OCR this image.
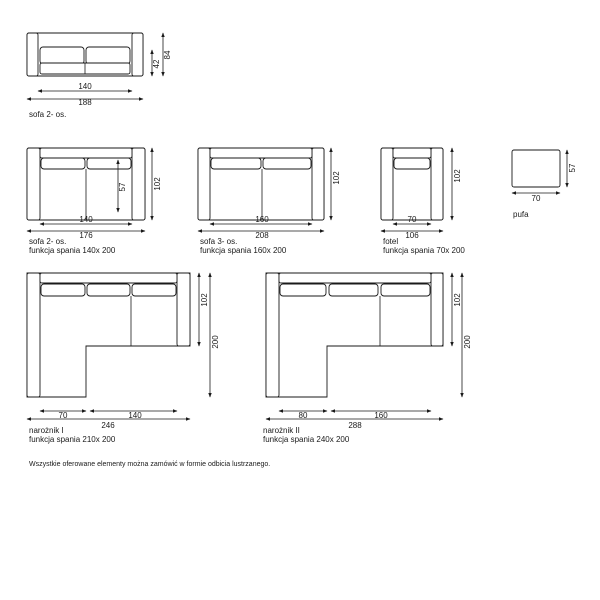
140
188
42
84
sofa 2- os.
57	102
140
176
sofa 2- os.
funkcja spania 140x 200
102
160
208
sofa 3- os.
funkcja spania 160x 200
102
70
106
fotel
funkcja spania 70x 200
57
70
pufa
102
200
70	140
246
narożnik I
funkcja spania 210x 200
102
200
80	160
288
narożnik II
funkcja spania 240x 200
Wszystkie oferowane elementy można zamówić w formie odbicia lustrzanego.
